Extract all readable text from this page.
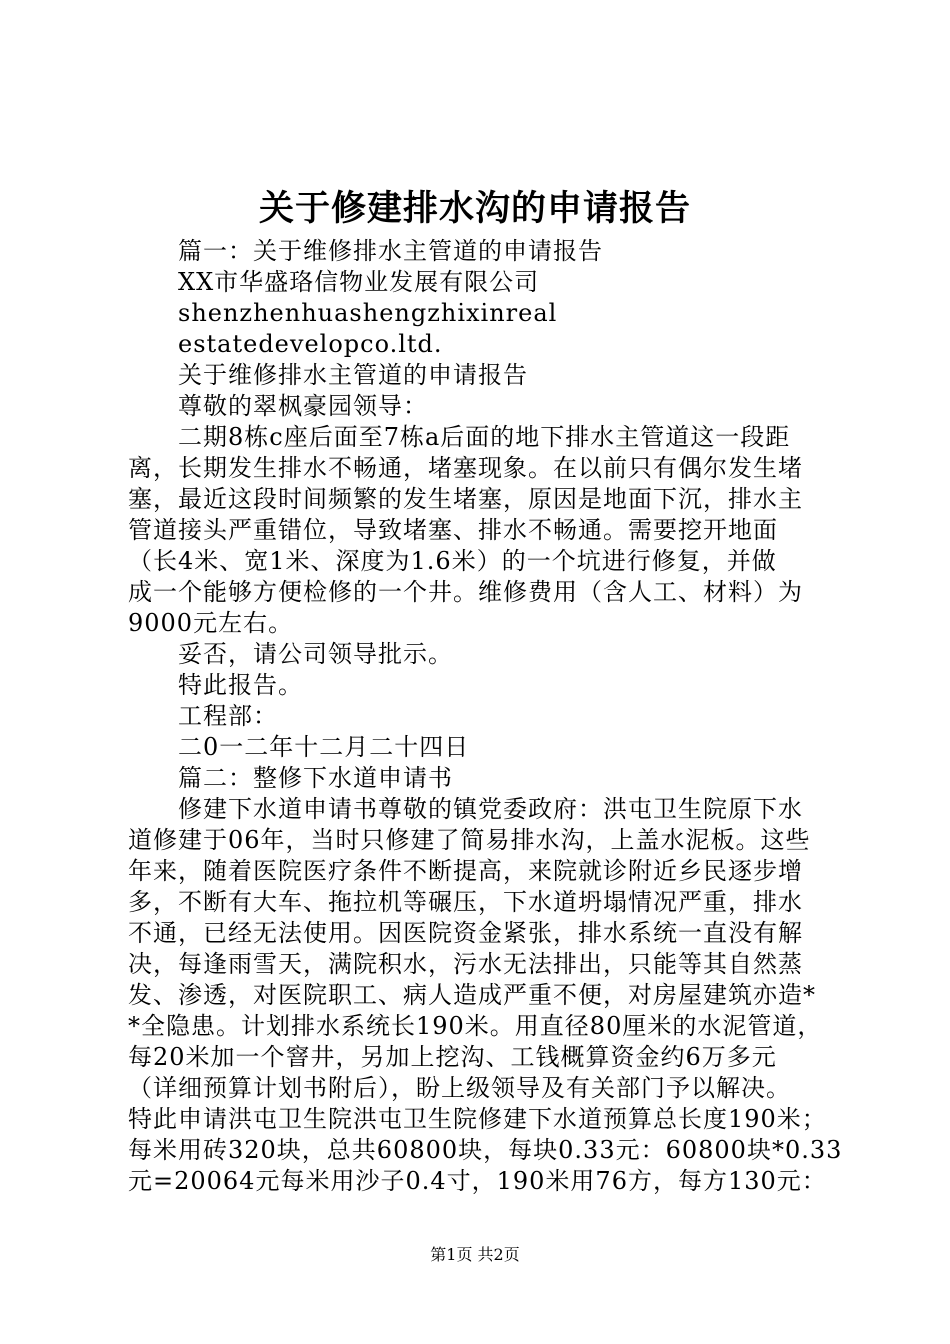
关于修建排水沟的申请报告
篇一：关于维修排水主管道的申请报告
XX市华盛珞信物业发展有限公司
shenzhenhuashengzhixinreal
estatedevelopco.ltd.
关于维修排水主管道的申请报告
尊敬的翠枫豪园领导：
二期8栋c座后面至7栋a后面的地下排水主管道这一段距
离，长期发生排水不畅通，堵塞现象。在以前只有偶尔发生堵
塞，最近这段时间频繁的发生堵塞，原因是地面下沉，排水主
管道接头严重错位，导致堵塞、排水不畅通。需要挖开地面
（长4米、宽1米、深度为1.6米）的一个坑进行修复，并做
成一个能够方便检修的一个井。维修费用（含人工、材料）为
9000元左右。
妥否，请公司领导批示。
特此报告。
工程部：
二0一二年十二月二十四日
篇二：整修下水道申请书
修建下水道申请书尊敬的镇党委政府：洪屯卫生院原下水
道修建于06年，当时只修建了简易排水沟，上盖水泥板。这些
年来，随着医院医疗条件不断提高，来院就诊附近乡民逐步增
多，不断有大车、拖拉机等碾压，下水道坍塌情况严重，排水
不通，已经无法使用。因医院资金紧张，排水系统一直没有解
决，每逢雨雪天，满院积水，污水无法排出，只能等其自然蒸
发、渗透，对医院职工、病人造成严重不便，对房屋建筑亦造*
*全隐患。计划排水系统长190米。用直径80厘米的水泥管道，
每20米加一个窨井，另加上挖沟、工钱概算资金约6万多元
（详细预算计划书附后），盼上级领导及有关部门予以解决。
特此申请洪屯卫生院洪屯卫生院修建下水道预算总长度190米；
每米用砖320块，总共60800块，每块0.33元：60800块*0.33
元=20064元每米用沙子0.4寸，190米用76方，每方130元：
第1页 共2页
